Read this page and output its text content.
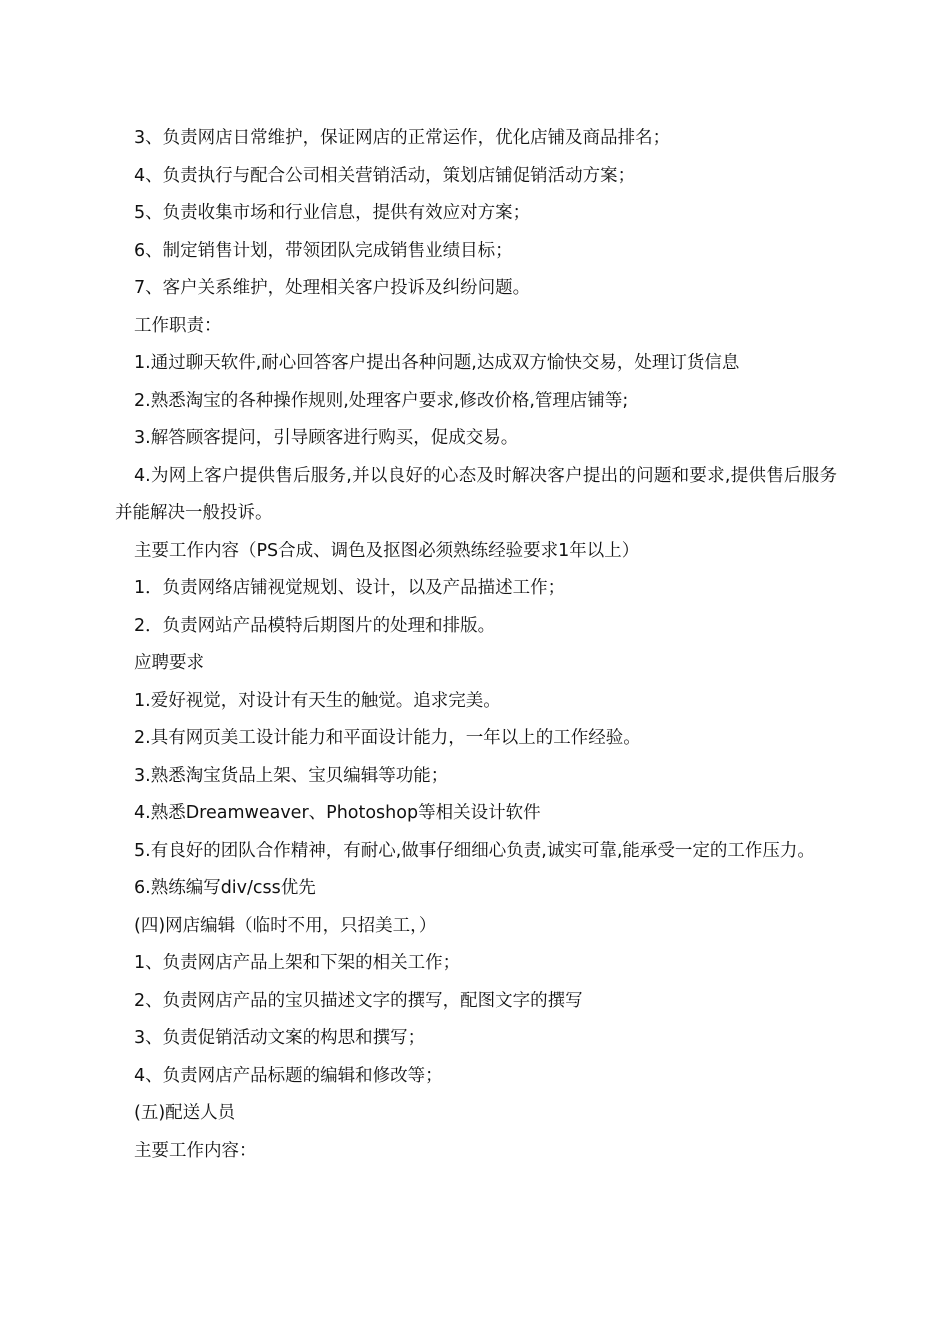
3、负责网店日常维护，保证网店的正常运作，优化店铺及商品排名；
4、负责执行与配合公司相关营销活动，策划店铺促销活动方案；
5、负责收集市场和行业信息，提供有效应对方案；
6、制定销售计划，带领团队完成销售业绩目标；
7、客户关系维护，处理相关客户投诉及纠纷问题。
工作职责：
1.通过聊天软件,耐心回答客户提出各种问题,达成双方愉快交易，处理订货信息
2.熟悉淘宝的各种操作规则,处理客户要求,修改价格,管理店铺等;
3.解答顾客提问，引导顾客进行购买，促成交易。
4.为网上客户提供售后服务,并以良好的心态及时解决客户提出的问题和要求,提供售后服务并能解决一般投诉。
主要工作内容（PS合成、调色及抠图必须熟练经验要求1年以上）
1．负责网络店铺视觉规划、设计，以及产品描述工作；
2．负责网站产品模特后期图片的处理和排版。
应聘要求
1.爱好视觉，对设计有天生的触觉。追求完美。
2.具有网页美工设计能力和平面设计能力，一年以上的工作经验。
3.熟悉淘宝货品上架、宝贝编辑等功能；
4.熟悉Dreamweaver、Photoshop等相关设计软件
5.有良好的团队合作精神，有耐心,做事仔细细心负责,诚实可靠,能承受一定的工作压力。
6.熟练编写div/css优先
(四)网店编辑（临时不用，只招美工，）
1、负责网店产品上架和下架的相关工作；
2、负责网店产品的宝贝描述文字的撰写，配图文字的撰写
3、负责促销活动文案的构思和撰写；
4、负责网店产品标题的编辑和修改等；
(五)配送人员
主要工作内容：
